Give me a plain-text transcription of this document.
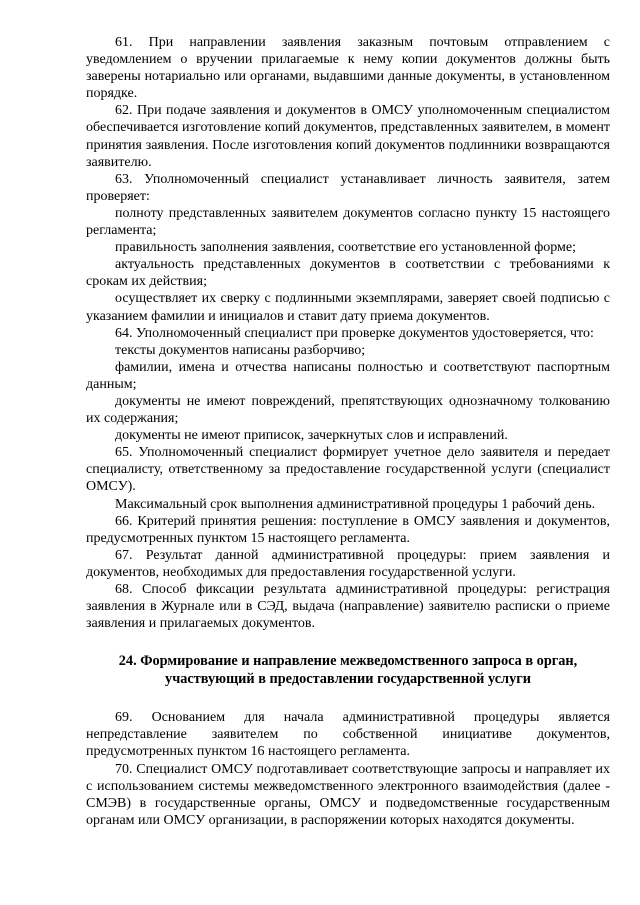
61. При направлении заявления заказным почтовым отправлением с уведомлением о вручении прилагаемые к нему копии документов должны быть заверены нотариально или органами, выдавшими данные документы, в установленном порядке.

62. При подаче заявления и документов в ОМСУ уполномоченным специалистом обеспечивается изготовление копий документов, представленных заявителем, в момент принятия заявления. После изготовления копий документов подлинники возвращаются заявителю.

63. Уполномоченный специалист устанавливает личность заявителя, затем проверяет:

полноту представленных заявителем документов согласно пункту 15 настоящего регламента;

правильность заполнения заявления, соответствие его установленной форме;

актуальность представленных документов в соответствии с требованиями к срокам их действия;

осуществляет их сверку с подлинными экземплярами, заверяет своей подписью с указанием фамилии и инициалов и ставит дату приема документов.

64. Уполномоченный специалист при проверке документов удостоверяется, что:

тексты документов написаны разборчиво;

фамилии, имена и отчества написаны полностью и соответствуют паспортным данным;

документы не имеют повреждений, препятствующих однозначному толкованию их содержания;

документы не имеют приписок, зачеркнутых слов и исправлений.

65. Уполномоченный специалист формирует учетное дело заявителя и передает специалисту, ответственному за предоставление государственной услуги (специалист ОМСУ).

Максимальный срок выполнения административной процедуры 1 рабочий день.

66. Критерий принятия решения: поступление в ОМСУ заявления и документов, предусмотренных пунктом 15 настоящего регламента.

67. Результат данной административной процедуры: прием заявления и документов, необходимых для предоставления государственной услуги.

68. Способ фиксации результата административной процедуры: регистрация заявления в Журнале или в СЭД, выдача (направление) заявителю расписки о приеме заявления и прилагаемых документов.

24. Формирование и направление межведомственного запроса в орган, участвующий в предоставлении государственной услуги

69. Основанием для начала административной процедуры является непредставление заявителем по собственной инициативе документов, предусмотренных пунктом 16 настоящего регламента.

70. Специалист ОМСУ подготавливает соответствующие запросы и направляет их с использованием системы межведомственного электронного взаимодействия (далее - СМЭВ) в государственные органы, ОМСУ и подведомственные государственным органам или ОМСУ организации, в распоряжении которых находятся документы.
